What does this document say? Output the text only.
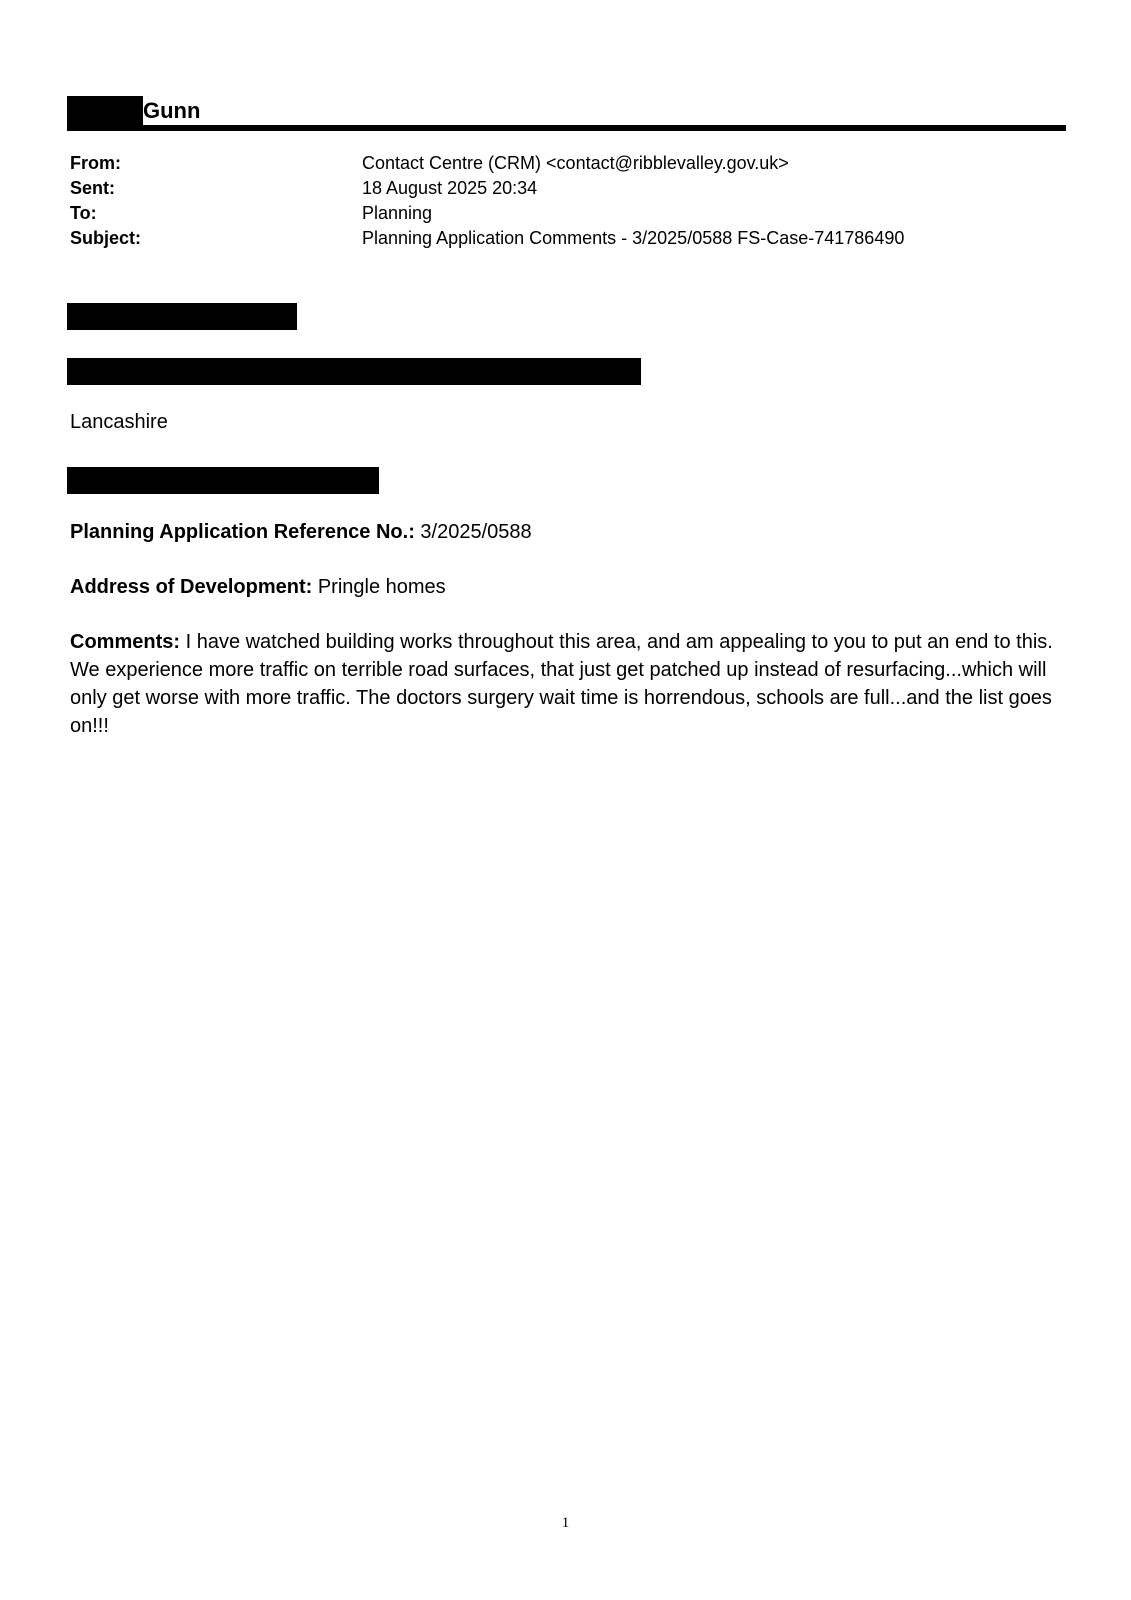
Gunn
From:	Contact Centre (CRM) <contact@ribblevalley.gov.uk>
Sent:	18 August 2025 20:34
To:	Planning
Subject:	Planning Application Comments - 3/2025/0588 FS-Case-741786490
Lancashire
Planning Application Reference No.: 3/2025/0588
Address of Development: Pringle homes
Comments: I have watched building works throughout this area, and am appealing to you to put an end to this. We experience more traffic on terrible road surfaces, that just get patched up instead of resurfacing...which will only get worse with more traffic. The doctors surgery wait time is horrendous, schools are full...and the list goes on!!!
1
